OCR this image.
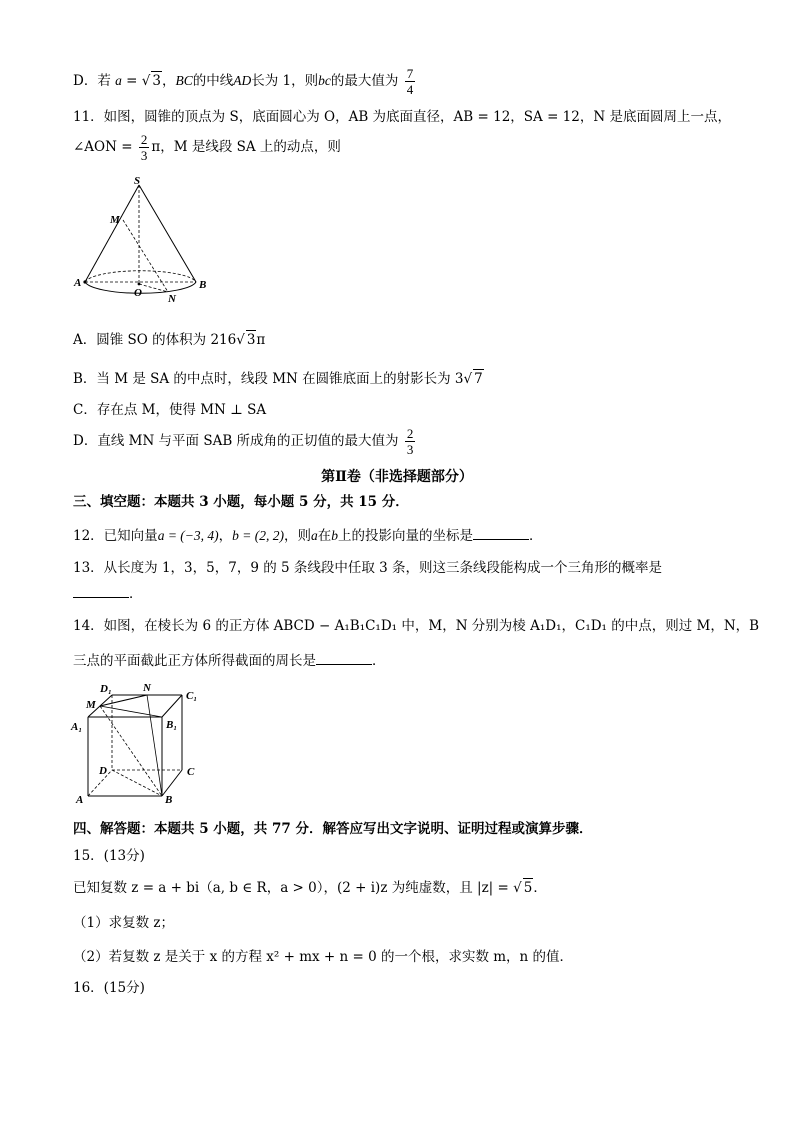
D．若 a = √ 3，BC的中线AD长为 1，则bc的最大值为 $\frac{7}{4}$
11．如图，圆锥的顶点为 S，底面圆心为 O，AB 为底面直径，AB = 12，SA = 12，N 是底面圆周上一点，
∠AON = $\frac{2}{3}$ π，M 是线段 SA 上的动点，则
S
M
A
O N
B
A．圆锥 SO 的体积为 216√ 3π
B．当 M 是 SA 的中点时，线段 MN 在圆锥底面上的射影长为 3√ 7
C．存在点 M，使得 MN ⊥ SA
D．直线 MN 与平面 SAB 所成角的正切值的最大值为 $\frac{2}{3}$
第Ⅱ卷（非选择题部分）
三、填空题：本题共 3 小题，每小题 5 分，共 15 分．
12．已知向量a = (−3, 4)，b = (2, 2)，则a在b上的投影向量的坐标是	．
13．从长度为 1，3，5，7，9 的 5 条线段中任取 3 条，则这三条线段能构成一个三角形的概率是
．
14．如图，在棱长为 6 的正方体 ABCD − A₁B₁C₁D₁ 中，M，N 分别为棱 A₁D₁，C₁D₁ 的中点，则过 M，N，B
三点的平面截此正方体所得截面的周长是	．
D₁	N
C₁
M
A₁	B₁
D	C
A	B
四、解答题：本题共 5 小题，共 77 分．解答应写出文字说明、证明过程或演算步骤．
15．(13分)
已知复数 z = a + bi（a, b ∈ R，a > 0），(2 + i)z 为纯虚数，且 |z| = √ 5．
（1）求复数 z；
（2）若复数 z 是关于 x 的方程 x² + mx + n = 0 的一个根，求实数 m，n 的值．
16．(15分)
